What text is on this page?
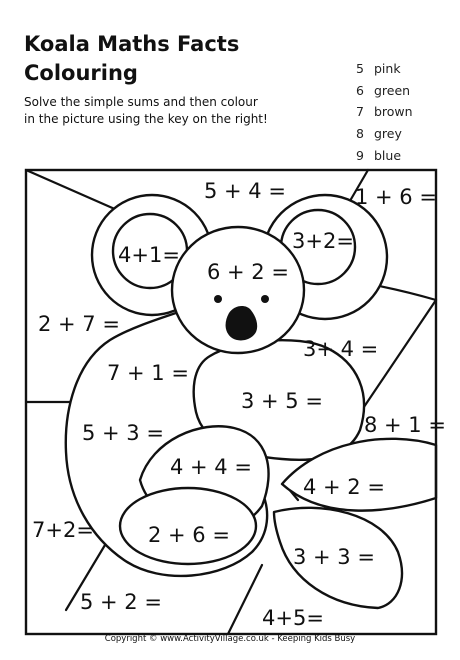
Koala Maths Facts
Colouring

Solve the simple sums and then colour
in the picture using the key on the right!

5 pink
6 green
7 brown
8 grey
9 blue
5 + 4 =	1 + 6 =
4+1=
3+2=
6 + 2 =
2 + 7 =
3+ 4 =
7 + 1 =
3 + 5 =
8 + 1 =
5 + 3 =
4 + 4 =
4 + 2 =
7+2=	2 + 6 =
3 + 3 =
5 + 2 =
4+5=
Copyright © www.ActivityVillage.co.uk - Keeping Kids Busy
